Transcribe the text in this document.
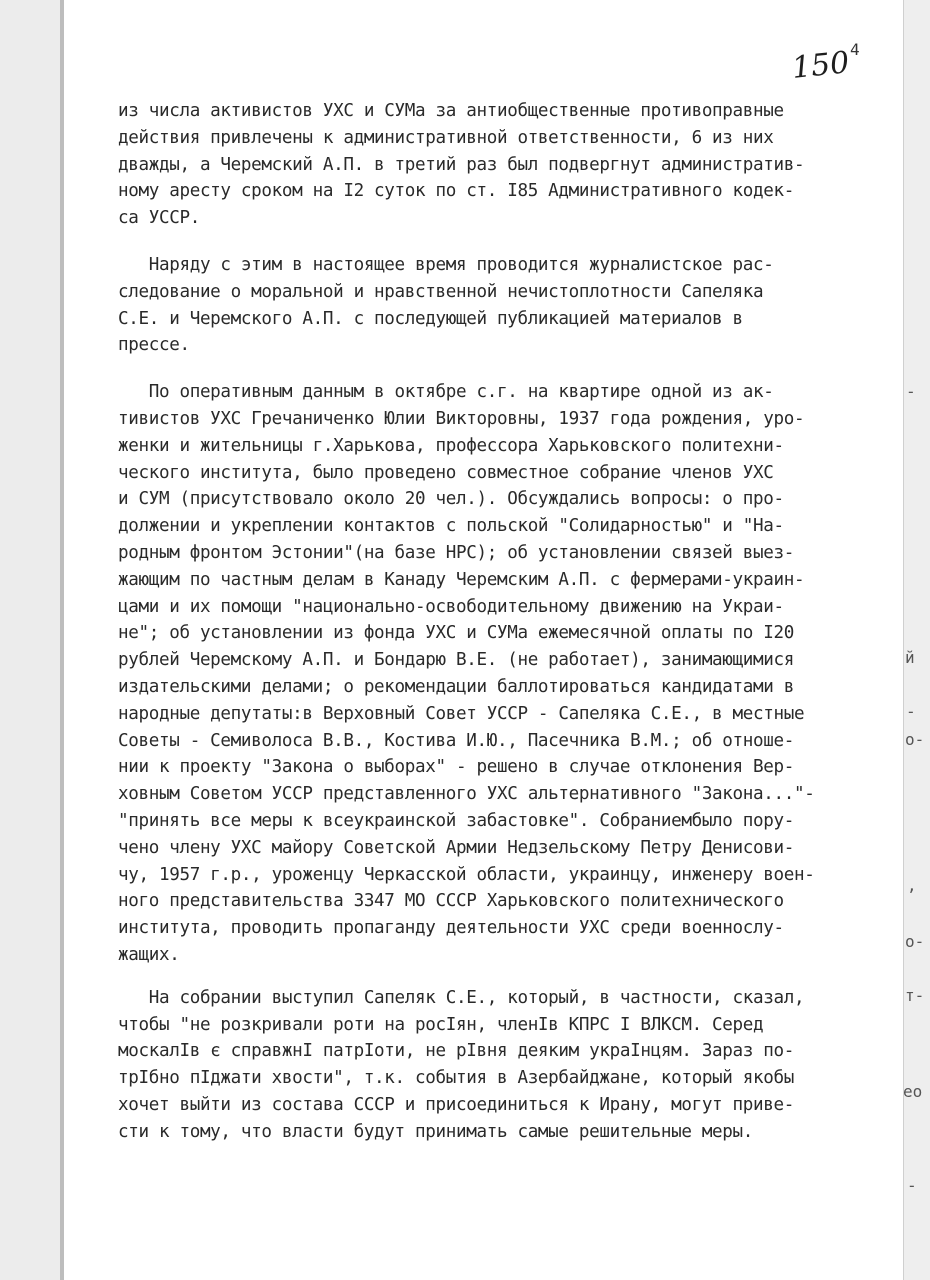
150 4
из числа активистов УХС и СУМа за антиобщественные противоправные
действия привлечены к административной ответственности, 6 из них
дважды, а Черемский А.П. в третий раз был подвергнут административ-
ному аресту сроком на I2 суток по ст. I85 Административного кодек-
са УССР.
Наряду с этим в настоящее время проводится журналистское рас-
следование о моральной и нравственной нечистоплотности Сапеляка
С.Е. и Черемского А.П. с последующей публикацией материалов в
прессе.
По оперативным данным в октябре с.г. на квартире одной из ак-
тивистов УХС Гречаниченко Юлии Викторовны, 1937 года рождения, уро-
женки и жительницы г.Харькова, профессора Харьковского политехни-
ческого института, было проведено совместное собрание членов УХС
и СУМ (присутствовало около 20 чел.). Обсуждались вопросы: о про-
должении и укреплении контактов с польской "Солидарностью" и "На-
родным фронтом Эстонии"(на базе НРС); об установлении связей выез-
жающим по частным делам в Канаду Черемским А.П. с фермерами-украин-
цами и их помощи "национально-освободительному движению на Украи-
не"; об установлении из фонда УХС и СУМа ежемесячной оплаты по I20
рублей Черемскому А.П. и Бондарю В.Е. (не работает), занимающимися
издательскими делами; о рекомендации баллотироваться кандидатами в
народные депутаты:в Верховный Совет УССР - Сапеляка С.Е., в местные
Советы - Семиволоса В.В., Костива И.Ю., Пасечника В.М.; об отноше-
нии к проекту "Закона о выборах" - решено в случае отклонения Вер-
ховным Советом УССР представленного УХС альтернативного "Закона..."-
"принять все меры к всеукраинской забастовке". Собраниембыло пору-
чено члену УХС майору Советской Армии Недзельскому Петру Денисови-
чу, 1957 г.р., уроженцу Черкасской области, украинцу, инженеру воен-
ного представительства 3347 МО СССР Харьковского политехнического
института, проводить пропаганду деятельности УХС среди военнослу-
жащих.
На собрании выступил Сапеляк С.Е., который, в частности, сказал,
чтобы "не розкривали роти на росIян, членIв КПРС I ВЛКСМ. Серед
москалIв є справжнI патрIоти, не рIвня деяким украIнцям. Зараз по-
трIбно пIджати хвости", т.к. события в Азербайджане, который якобы
хочет выйти из состава СССР и присоединиться к Ирану, могут приве-
сти к тому, что власти будут принимать самые решительные меры.
-
й
-
о-
,
о-
т-
ео
-
